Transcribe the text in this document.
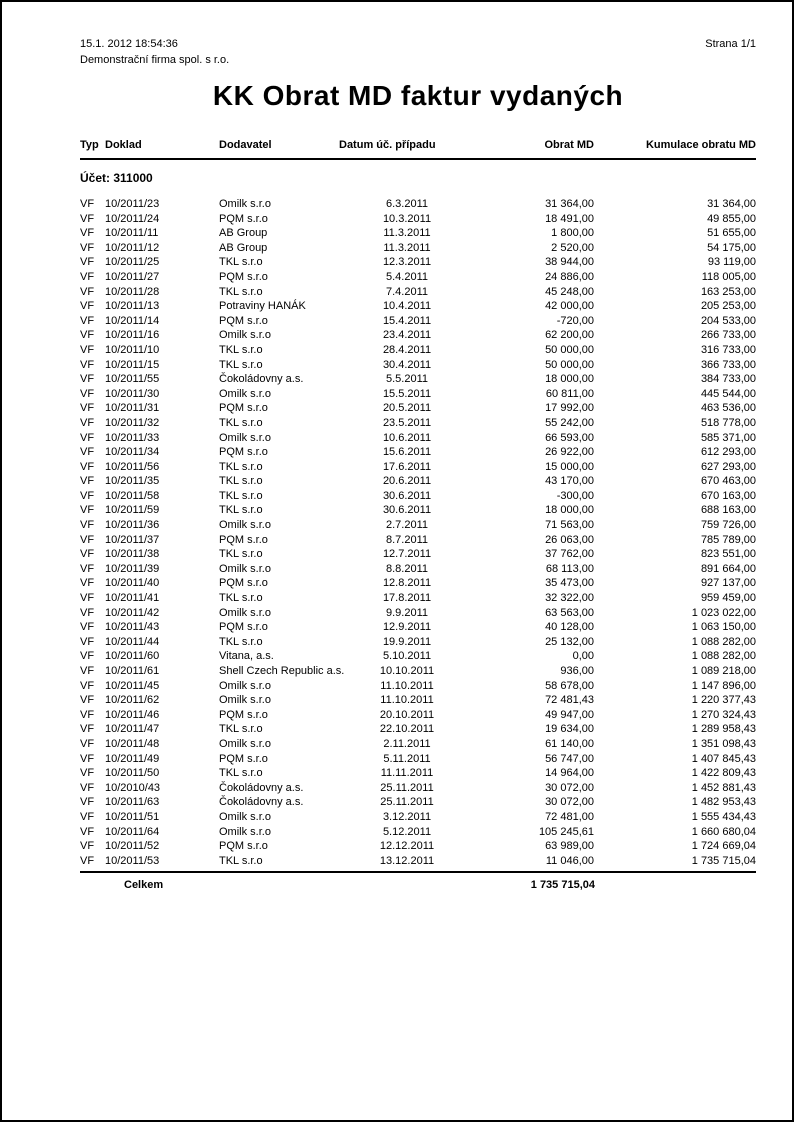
15.1. 2012 18:54:36
Demonstrační firma spol. s r.o.
Strana 1/1
KK Obrat MD faktur vydaných
Typ Doklad	Dodavatel	Datum úč. případu	Obrat MD	Kumulace obratu MD
Účet: 311000
VF 10/2011/23	Omilk s.r.o	6.3.2011	31 364,00	31 364,00
VF 10/2011/24	PQM s.r.o	10.3.2011	18 491,00	49 855,00
VF 10/2011/11	AB Group	11.3.2011	1 800,00	51 655,00
VF 10/2011/12	AB Group	11.3.2011	2 520,00	54 175,00
VF 10/2011/25	TKL s.r.o	12.3.2011	38 944,00	93 119,00
VF 10/2011/27	PQM s.r.o	5.4.2011	24 886,00	118 005,00
VF 10/2011/28	TKL s.r.o	7.4.2011	45 248,00	163 253,00
VF 10/2011/13	Potraviny HANÁK	10.4.2011	42 000,00	205 253,00
VF 10/2011/14	PQM s.r.o	15.4.2011	-720,00	204 533,00
VF 10/2011/16	Omilk s.r.o	23.4.2011	62 200,00	266 733,00
VF 10/2011/10	TKL s.r.o	28.4.2011	50 000,00	316 733,00
VF 10/2011/15	TKL s.r.o	30.4.2011	50 000,00	366 733,00
VF 10/2011/55	Čokoládovny a.s.	5.5.2011	18 000,00	384 733,00
VF 10/2011/30	Omilk s.r.o	15.5.2011	60 811,00	445 544,00
VF 10/2011/31	PQM s.r.o	20.5.2011	17 992,00	463 536,00
VF 10/2011/32	TKL s.r.o	23.5.2011	55 242,00	518 778,00
VF 10/2011/33	Omilk s.r.o	10.6.2011	66 593,00	585 371,00
VF 10/2011/34	PQM s.r.o	15.6.2011	26 922,00	612 293,00
VF 10/2011/56	TKL s.r.o	17.6.2011	15 000,00	627 293,00
VF 10/2011/35	TKL s.r.o	20.6.2011	43 170,00	670 463,00
VF 10/2011/58	TKL s.r.o	30.6.2011	-300,00	670 163,00
VF 10/2011/59	TKL s.r.o	30.6.2011	18 000,00	688 163,00
VF 10/2011/36	Omilk s.r.o	2.7.2011	71 563,00	759 726,00
VF 10/2011/37	PQM s.r.o	8.7.2011	26 063,00	785 789,00
VF 10/2011/38	TKL s.r.o	12.7.2011	37 762,00	823 551,00
VF 10/2011/39	Omilk s.r.o	8.8.2011	68 113,00	891 664,00
VF 10/2011/40	PQM s.r.o	12.8.2011	35 473,00	927 137,00
VF 10/2011/41	TKL s.r.o	17.8.2011	32 322,00	959 459,00
VF 10/2011/42	Omilk s.r.o	9.9.2011	63 563,00	1 023 022,00
VF 10/2011/43	PQM s.r.o	12.9.2011	40 128,00	1 063 150,00
VF 10/2011/44	TKL s.r.o	19.9.2011	25 132,00	1 088 282,00
VF 10/2011/60	Vitana, a.s.	5.10.2011	0,00	1 088 282,00
VF 10/2011/61	Shell Czech Republic a.s.	10.10.2011	936,00	1 089 218,00
VF 10/2011/45	Omilk s.r.o	11.10.2011	58 678,00	1 147 896,00
VF 10/2011/62	Omilk s.r.o	11.10.2011	72 481,43	1 220 377,43
VF 10/2011/46	PQM s.r.o	20.10.2011	49 947,00	1 270 324,43
VF 10/2011/47	TKL s.r.o	22.10.2011	19 634,00	1 289 958,43
VF 10/2011/48	Omilk s.r.o	2.11.2011	61 140,00	1 351 098,43
VF 10/2011/49	PQM s.r.o	5.11.2011	56 747,00	1 407 845,43
VF 10/2011/50	TKL s.r.o	11.11.2011	14 964,00	1 422 809,43
VF 10/2010/43	Čokoládovny a.s.	25.11.2011	30 072,00	1 452 881,43
VF 10/2011/63	Čokoládovny a.s.	25.11.2011	30 072,00	1 482 953,43
VF 10/2011/51	Omilk s.r.o	3.12.2011	72 481,00	1 555 434,43
VF 10/2011/64	Omilk s.r.o	5.12.2011	105 245,61	1 660 680,04
VF 10/2011/52	PQM s.r.o	12.12.2011	63 989,00	1 724 669,04
VF 10/2011/53	TKL s.r.o	13.12.2011	11 046,00	1 735 715,04
Celkem	1 735 715,04
